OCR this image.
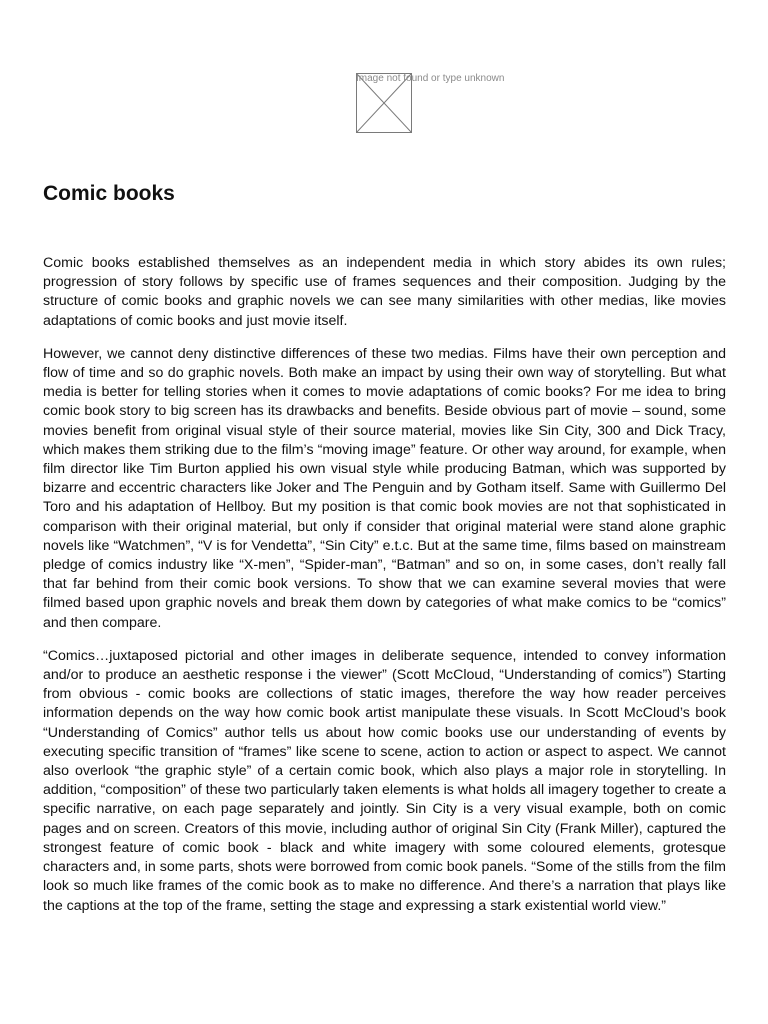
Image not found or type unknown
Comic books

Comic books established themselves as an independent media in which story abides its own rules; progression of story follows by specific use of frames sequences and their composition. Judging by the structure of comic books and graphic novels we can see many similarities with other medias, like movies adaptations of comic books and just movie itself.

However, we cannot deny distinctive differences of these two medias. Films have their own perception and flow of time and so do graphic novels. Both make an impact by using their own way of storytelling. But what media is better for telling stories when it comes to movie adaptations of comic books? For me idea to bring comic book story to big screen has its drawbacks and benefits. Beside obvious part of movie – sound, some movies benefit from original visual style of their source material, movies like Sin City, 300 and Dick Tracy, which makes them striking due to the film’s “moving image” feature. Or other way around, for example, when film director like Tim Burton applied his own visual style while producing Batman, which was supported by bizarre and eccentric characters like Joker and The Penguin and by Gotham itself. Same with Guillermo Del Toro and his adaptation of Hellboy. But my position is that comic book movies are not that sophisticated in comparison with their original material, but only if consider that original material were stand alone graphic novels like “Watchmen”, “V is for Vendetta”, “Sin City” e.t.c. But at the same time, films based on mainstream pledge of comics industry like “X-men”, “Spider-man”, “Batman” and so on, in some cases, don’t really fall that far behind from their comic book versions. To show that we can examine several movies that were filmed based upon graphic novels and break them down by categories of what make comics to be “comics” and then compare.

“Comics…juxtaposed pictorial and other images in deliberate sequence, intended to convey information and/or to produce an aesthetic response i the viewer” (Scott McCloud, “Understanding of comics”) Starting from obvious - comic books are collections of static images, therefore the way how reader perceives information depends on the way how comic book artist manipulate these visuals. In Scott McCloud’s book “Understanding of Comics” author tells us about how comic books use our understanding of events by executing specific transition of “frames” like scene to scene, action to action or aspect to aspect. We cannot also overlook “the graphic style” of a certain comic book, which also plays a major role in storytelling. In addition, “composition” of these two particularly taken elements is what holds all imagery together to create a specific narrative, on each page separately and jointly. Sin City is a very visual example, both on comic pages and on screen. Creators of this movie, including author of original Sin City (Frank Miller), captured the strongest feature of comic book - black and white imagery with some coloured elements, grotesque characters and, in some parts, shots were borrowed from comic book panels. “Some of the stills from the film look so much like frames of the comic book as to make no difference. And there’s a narration that plays like the captions at the top of the frame, setting the stage and expressing a stark existential world view.”
